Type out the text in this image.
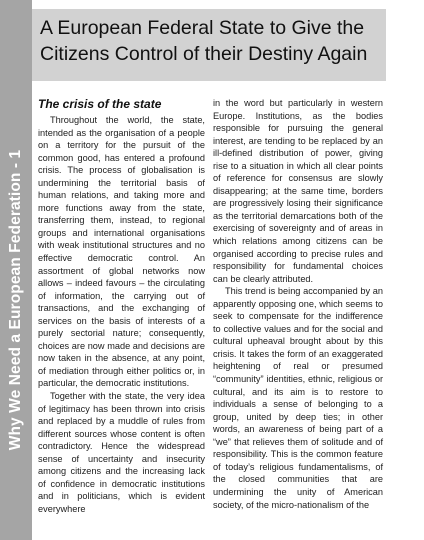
Why We Need a European Federation - 1
A European Federal State to Give the Citizens Control of their Destiny Again
The crisis of the state

Throughout the world, the state, intended as the organisation of a people on a territory for the pursuit of the common good, has entered a profound crisis. The process of globalisation is undermining the territorial basis of human relations, and taking more and more functions away from the state, transferring them, instead, to regional groups and international organisations with weak institutional structures and no effective democratic control. An assortment of global networks now allows – indeed favours – the circulating of information, the carrying out of transactions, and the exchanging of services on the basis of interests of a purely sectorial nature; consequently, choices are now made and decisions are now taken in the absence, at any point, of mediation through either politics or, in particular, the democratic institutions.

Together with the state, the very idea of legitimacy has been thrown into crisis and replaced by a muddle of rules from different sources whose content is often contradictory. Hence the widespread sense of uncertainty and insecurity among citizens and the increasing lack of confidence in democratic institutions and in politicians, which is evident everywhere

in the word but particularly in western Europe. Institutions, as the bodies responsible for pursuing the general interest, are tending to be replaced by an ill-defined distribution of power, giving rise to a situation in which all clear points of reference for consensus are slowly disappearing; at the same time, borders are progressively losing their significance as the territorial demarcations both of the exercising of sovereignty and of areas in which relations among citizens can be organised according to precise rules and responsibility for fundamental choices can be clearly attributed.

This trend is being accompanied by an apparently opposing one, which seems to seek to compensate for the indifference to collective values and for the social and cultural upheaval brought about by this crisis. It takes the form of an exaggerated heightening of real or presumed “community” identities, ethnic, religious or cultural, and its aim is to restore to individuals a sense of belonging to a group, united by deep ties; in other words, an awareness of being part of a “we” that relieves them of solitude and of responsibility. This is the common feature of today’s religious fundamentalisms, of the closed communities that are undermining the unity of American society, of the micro-nationalism of the
